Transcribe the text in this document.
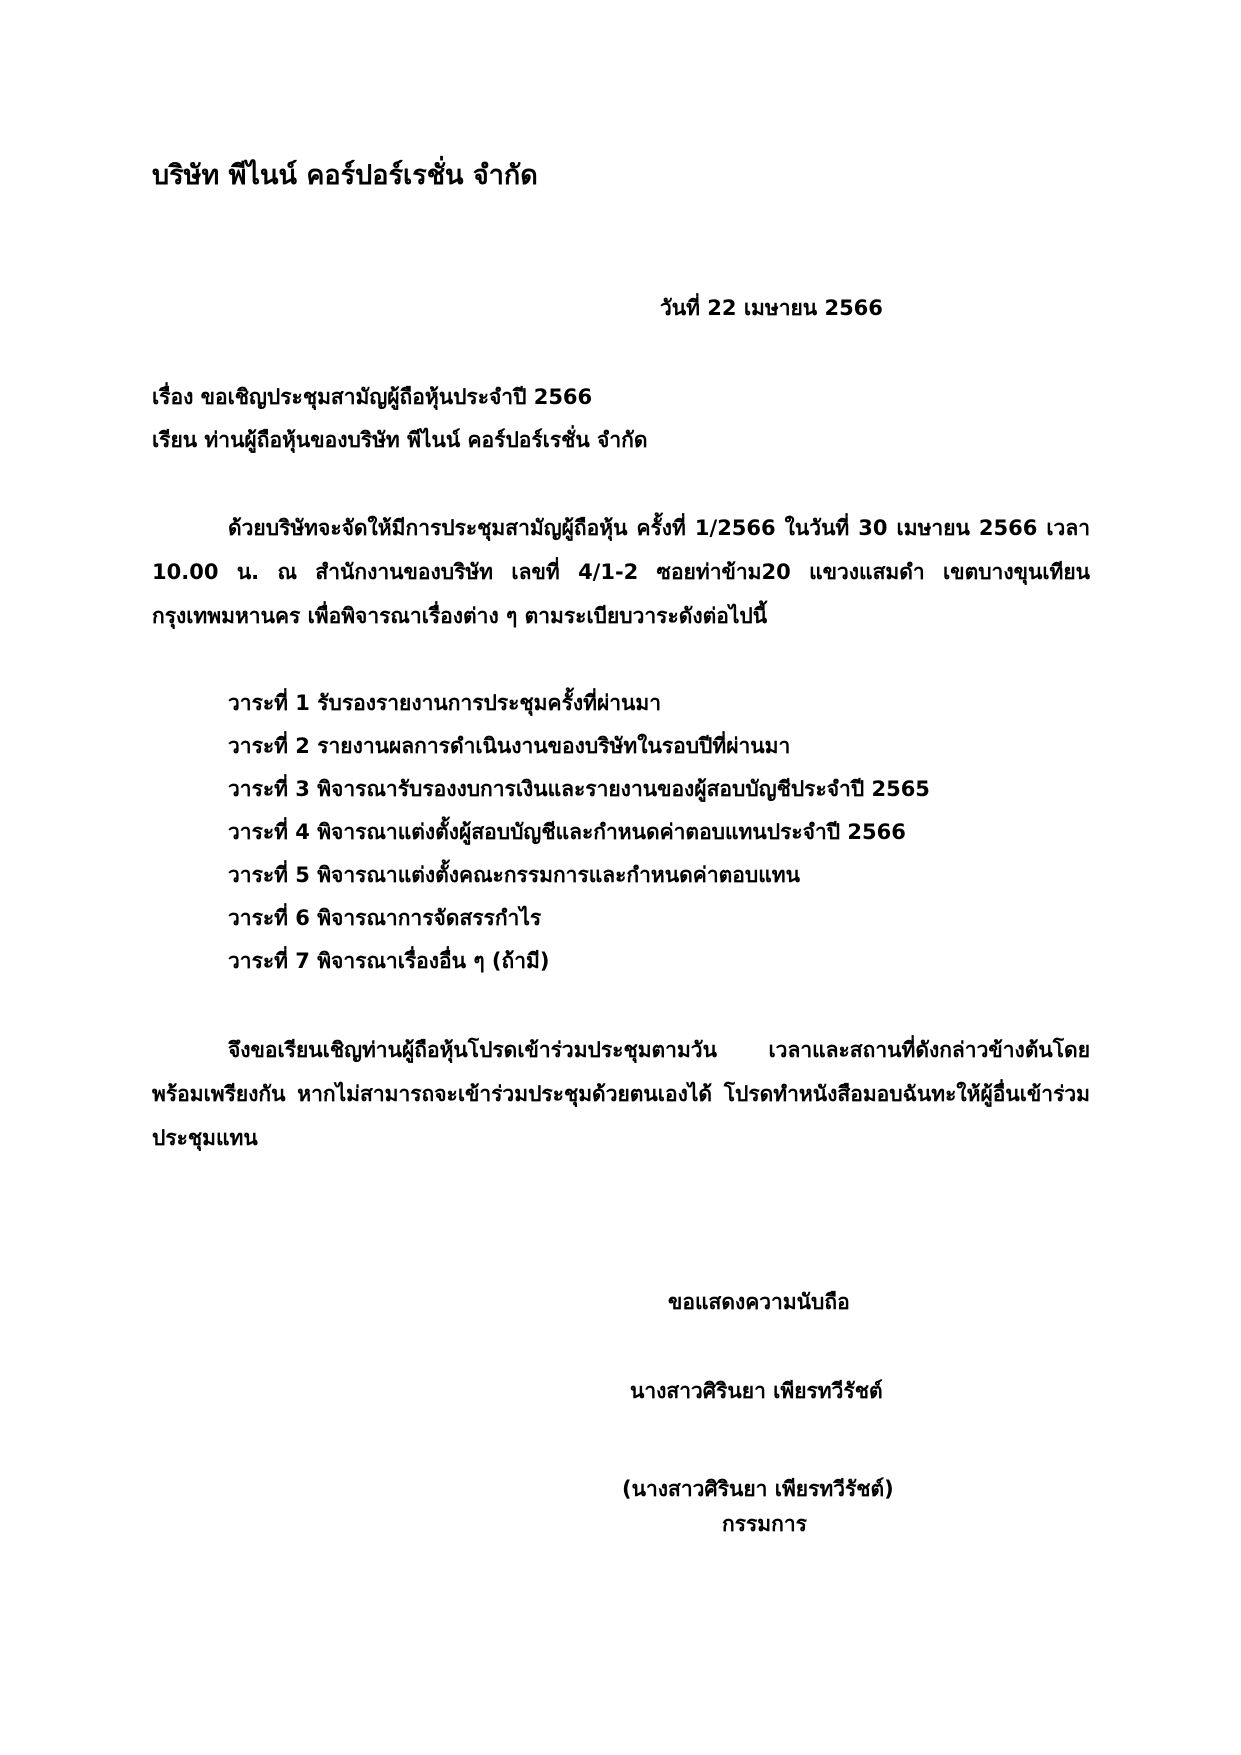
บริษัท พีไนน์ คอร์ปอร์เรชั่น จำกัด
วันที่ 22 เมษายน 2566
เรื่อง ขอเชิญประชุมสามัญผู้ถือหุ้นประจำปี 2566
เรียน ท่านผู้ถือหุ้นของบริษัท พีไนน์ คอร์ปอร์เรชั่น จำกัด
ด้วยบริษัทจะจัดให้มีการประชุมสามัญผู้ถือหุ้น ครั้งที่ 1/2566 ในวันที่ 30 เมษายน 2566 เวลา 10.00 น. ณ สำนักงานของบริษัท เลขที่ 4/1-2 ซอยท่าข้าม20 แขวงแสมดำ เขตบางขุนเทียน กรุงเทพมหานคร เพื่อพิจารณาเรื่องต่าง ๆ ตามระเบียบวาระดังต่อไปนี้
วาระที่ 1 รับรองรายงานการประชุมครั้งที่ผ่านมา
วาระที่ 2 รายงานผลการดำเนินงานของบริษัทในรอบปีที่ผ่านมา
วาระที่ 3 พิจารณารับรองงบการเงินและรายงานของผู้สอบบัญชีประจำปี 2565
วาระที่ 4 พิจารณาแต่งตั้งผู้สอบบัญชีและกำหนดค่าตอบแทนประจำปี 2566
วาระที่ 5 พิจารณาแต่งตั้งคณะกรรมการและกำหนดค่าตอบแทน
วาระที่ 6 พิจารณาการจัดสรรกำไร
วาระที่ 7 พิจารณาเรื่องอื่น ๆ (ถ้ามี)
จึงขอเรียนเชิญท่านผู้ถือหุ้นโปรดเข้าร่วมประชุมตามวัน เวลาและสถานที่ดังกล่าวข้างต้นโดยพร้อมเพรียงกัน หากไม่สามารถจะเข้าร่วมประชุมด้วยตนเองได้ โปรดทำหนังสือมอบฉันทะให้ผู้อื่นเข้าร่วมประชุมแทน
ขอแสดงความนับถือ
นางสาวศิรินยา เพียรทวีรัชต์
(นางสาวศิรินยา เพียรทวีรัชต์)
กรรมการ
